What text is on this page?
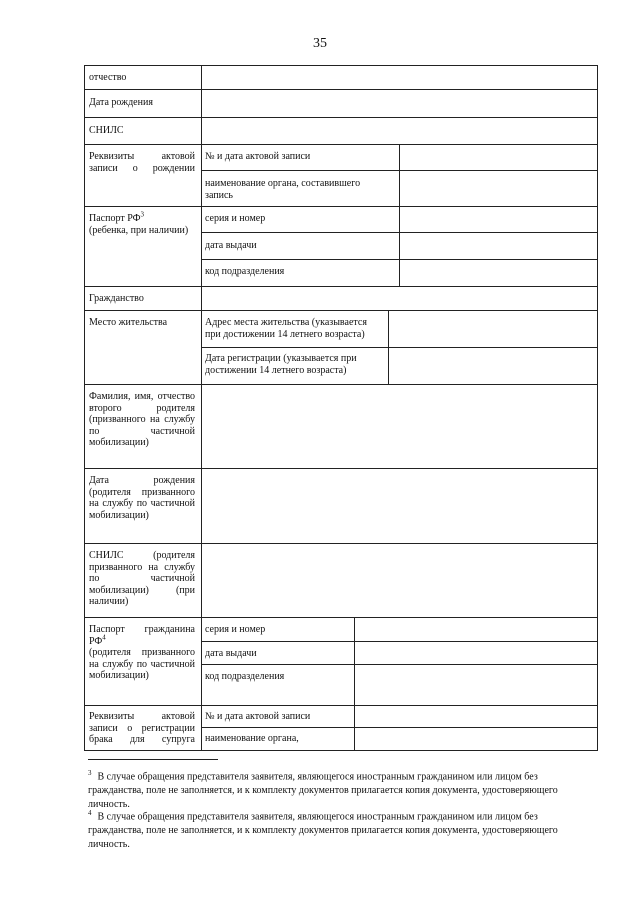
35
отчество
Дата рождения
СНИЛС
Реквизиты актовой записи о рождении
№ и дата актовой записи
наименование органа, составившего запись
Паспорт $РФ^3$
(ребенка, при наличии)
серия и номер
дата выдачи
код подразделения
Гражданство
Место жительства	Адрес места жительства (указывается при достижении 14 летнего возраста)
Дата регистрации (указывается при достижении 14 летнего возраста)
Фамилия, имя, отчество второго родителя (призванного на службу по частичной мобилизации)
Дата рождения (родителя призванного на службу по частичной мобилизации)
СНИЛС (родителя призванного на службу по частичной мобилизации) (при наличии)
Паспорт гражданина $РФ^4$
(родителя призванного на службу по частичной мобилизации)
серия и номер
дата выдачи
код подразделения
Реквизиты актовой записи о регистрации брака для супруга
№ и дата актовой записи
наименование органа,
$^3$ В случае обращения представителя заявителя, являющегося иностранным гражданином или лицом без гражданства, поле не заполняется, и к комплекту документов прилагается копия документа, удостоверяющего личность.
$^4$ В случае обращения представителя заявителя, являющегося иностранным гражданином или лицом без гражданства, поле не заполняется, и к комплекту документов прилагается копия документа, удостоверяющего личность.
